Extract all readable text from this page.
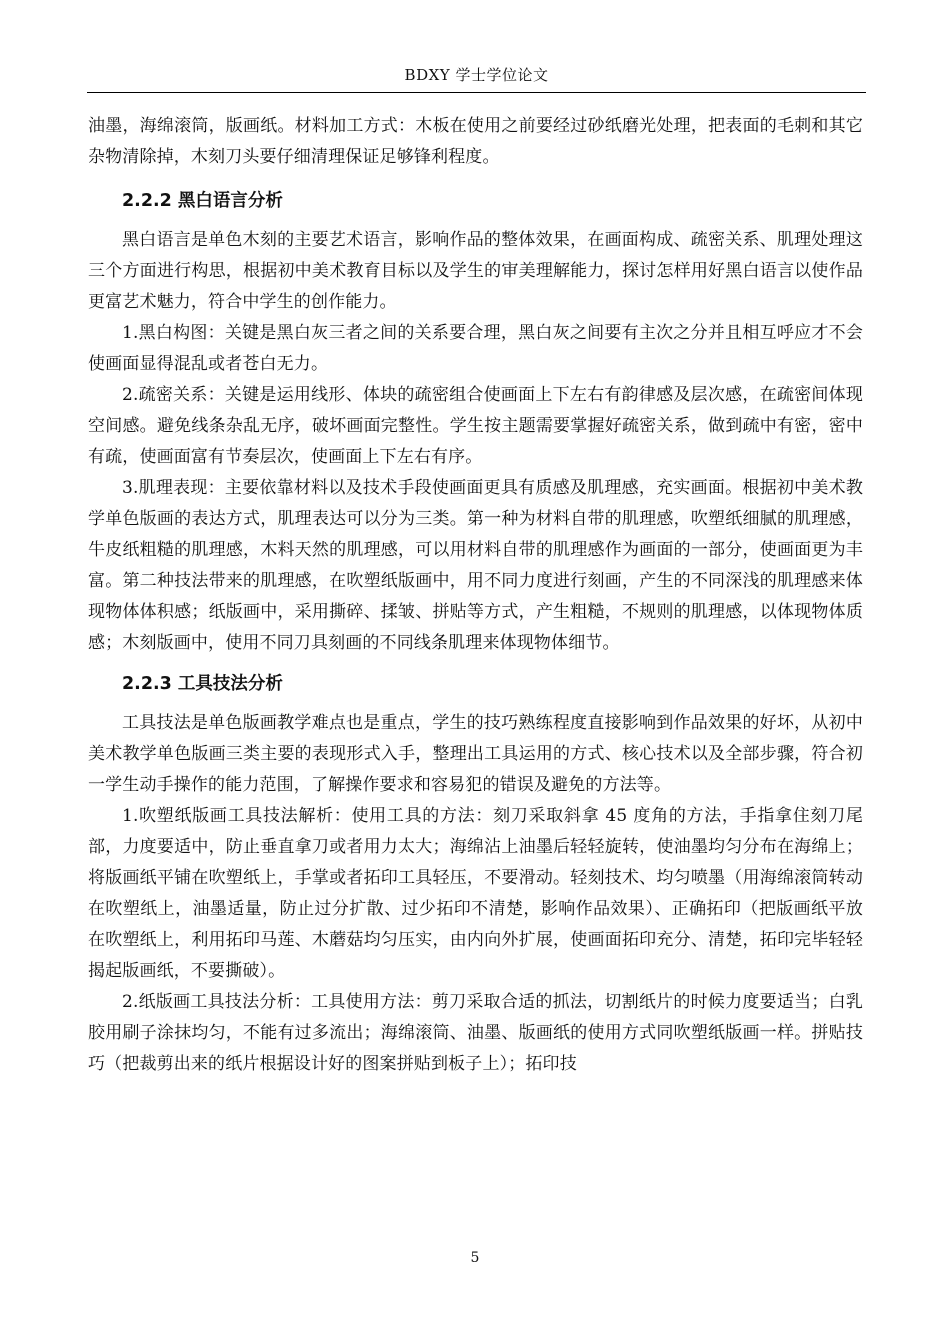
BDXY 学士学位论文

油墨，海绵滚筒，版画纸。材料加工方式：木板在使用之前要经过砂纸磨光处理，把表面的毛刺和其它杂物清除掉，木刻刀头要仔细清理保证足够锋利程度。

2.2.2 黑白语言分析

黑白语言是单色木刻的主要艺术语言，影响作品的整体效果，在画面构成、疏密关系、肌理处理这三个方面进行构思，根据初中美术教育目标以及学生的审美理解能力，探讨怎样用好黑白语言以使作品更富艺术魅力，符合中学生的创作能力。

1.黑白构图：关键是黑白灰三者之间的关系要合理，黑白灰之间要有主次之分并且相互呼应才不会使画面显得混乱或者苍白无力。

2.疏密关系：关键是运用线形、体块的疏密组合使画面上下左右有韵律感及层次感，在疏密间体现空间感。避免线条杂乱无序，破坏画面完整性。学生按主题需要掌握好疏密关系，做到疏中有密，密中有疏，使画面富有节奏层次，使画面上下左右有序。

3.肌理表现：主要依靠材料以及技术手段使画面更具有质感及肌理感，充实画面。根据初中美术教学单色版画的表达方式，肌理表达可以分为三类。第一种为材料自带的肌理感，吹塑纸细腻的肌理感，牛皮纸粗糙的肌理感，木料天然的肌理感，可以用材料自带的肌理感作为画面的一部分，使画面更为丰富。第二种技法带来的肌理感，在吹塑纸版画中，用不同力度进行刻画，产生的不同深浅的肌理感来体现物体体积感；纸版画中，采用撕碎、揉皱、拼贴等方式，产生粗糙，不规则的肌理感，以体现物体质感；木刻版画中，使用不同刀具刻画的不同线条肌理来体现物体细节。

2.2.3 工具技法分析

工具技法是单色版画教学难点也是重点，学生的技巧熟练程度直接影响到作品效果的好坏，从初中美术教学单色版画三类主要的表现形式入手，整理出工具运用的方式、核心技术以及全部步骤，符合初一学生动手操作的能力范围，了解操作要求和容易犯的错误及避免的方法等。

1.吹塑纸版画工具技法解析：使用工具的方法：刻刀采取斜拿 45 度角的方法，手指拿住刻刀尾部，力度要适中，防止垂直拿刀或者用力太大；海绵沾上油墨后轻轻旋转，使油墨均匀分布在海绵上；将版画纸平铺在吹塑纸上，手掌或者拓印工具轻压，不要滑动。轻刻技术、均匀喷墨（用海绵滚筒转动在吹塑纸上，油墨适量，防止过分扩散、过少拓印不清楚，影响作品效果）、正确拓印（把版画纸平放在吹塑纸上，利用拓印马莲、木蘑菇均匀压实，由内向外扩展，使画面拓印充分、清楚，拓印完毕轻轻揭起版画纸，不要撕破）。

2.纸版画工具技法分析：工具使用方法：剪刀采取合适的抓法，切割纸片的时候力度要适当；白乳胶用刷子涂抹均匀，不能有过多流出；海绵滚筒、油墨、版画纸的使用方式同吹塑纸版画一样。拼贴技巧（把裁剪出来的纸片根据设计好的图案拼贴到板子上）；拓印技

5
